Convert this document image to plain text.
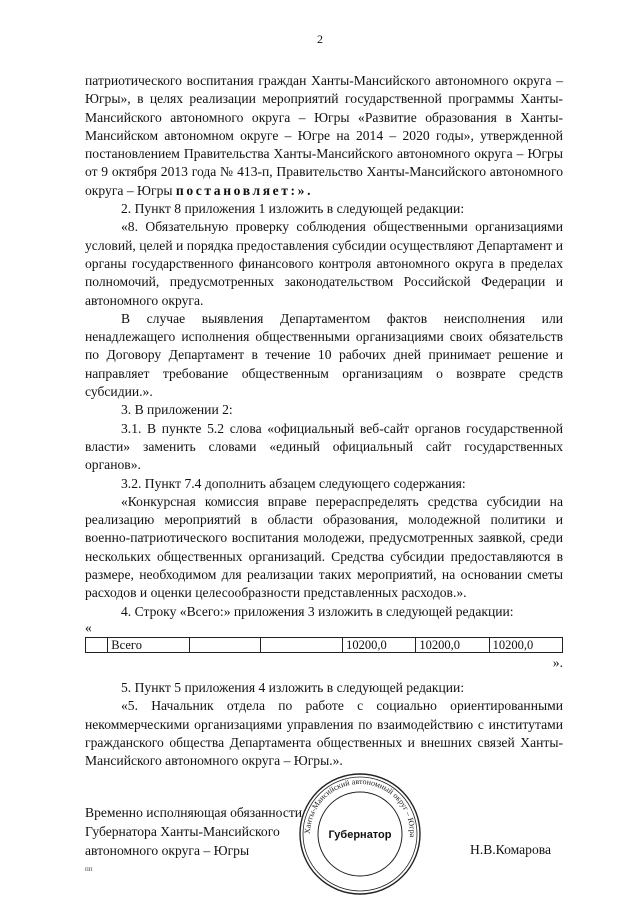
2

патриотического воспитания граждан Ханты-Мансийского автономного округа – Югры», в целях реализации мероприятий государственной программы Ханты-Мансийского автономного округа – Югры «Развитие образования в Ханты-Мансийском автономном округе – Югре на 2014 – 2020 годы», утвержденной постановлением Правительства Ханты-Мансийского автономного округа – Югры от 9 октября 2013 года № 413-п, Правительство Ханты-Мансийского автономного округа – Югры постановляет:».

2. Пункт 8 приложения 1 изложить в следующей редакции:

«8. Обязательную проверку соблюдения общественными организациями условий, целей и порядка предоставления субсидии осуществляют Департамент и органы государственного финансового контроля автономного округа в пределах полномочий, предусмотренных законодательством Российской Федерации и автономного округа.

В случае выявления Департаментом фактов неисполнения или ненадлежащего исполнения общественными организациями своих обязательств по Договору Департамент в течение 10 рабочих дней принимает решение и направляет требование общественным организациям о возврате средств субсидии.».

3. В приложении 2:

3.1. В пункте 5.2 слова «официальный веб-сайт органов государственной власти» заменить словами «единый официальный сайт государственных органов».

3.2. Пункт 7.4 дополнить абзацем следующего содержания:

«Конкурсная комиссия вправе перераспределять средства субсидии на реализацию мероприятий в области образования, молодежной политики и военно-патриотического воспитания молодежи, предусмотренных заявкой, среди нескольких общественных организаций. Средства субсидии предоставляются в размере, необходимом для реализации таких мероприятий, на основании сметы расходов и оценки целесообразности представленных расходов.».

4. Строку «Всего:» приложения 3 изложить в следующей редакции:

«

	Всего			10200,0	10200,0	10200,0

».

5. Пункт 5 приложения 4 изложить в следующей редакции:

«5. Начальник отдела по работе с социально ориентированными некоммерческими организациями управления по взаимодействию с институтами гражданского общества Департамента общественных и внешних связей Ханты-Мансийского автономного округа – Югры.».

Временно исполняющая обязанности
Губернатора Ханты-Мансийского
автономного округа – Югры
Ханты-Мансийский автономный округ – Югра
Губернатор
Н.В.Комарова
пп
